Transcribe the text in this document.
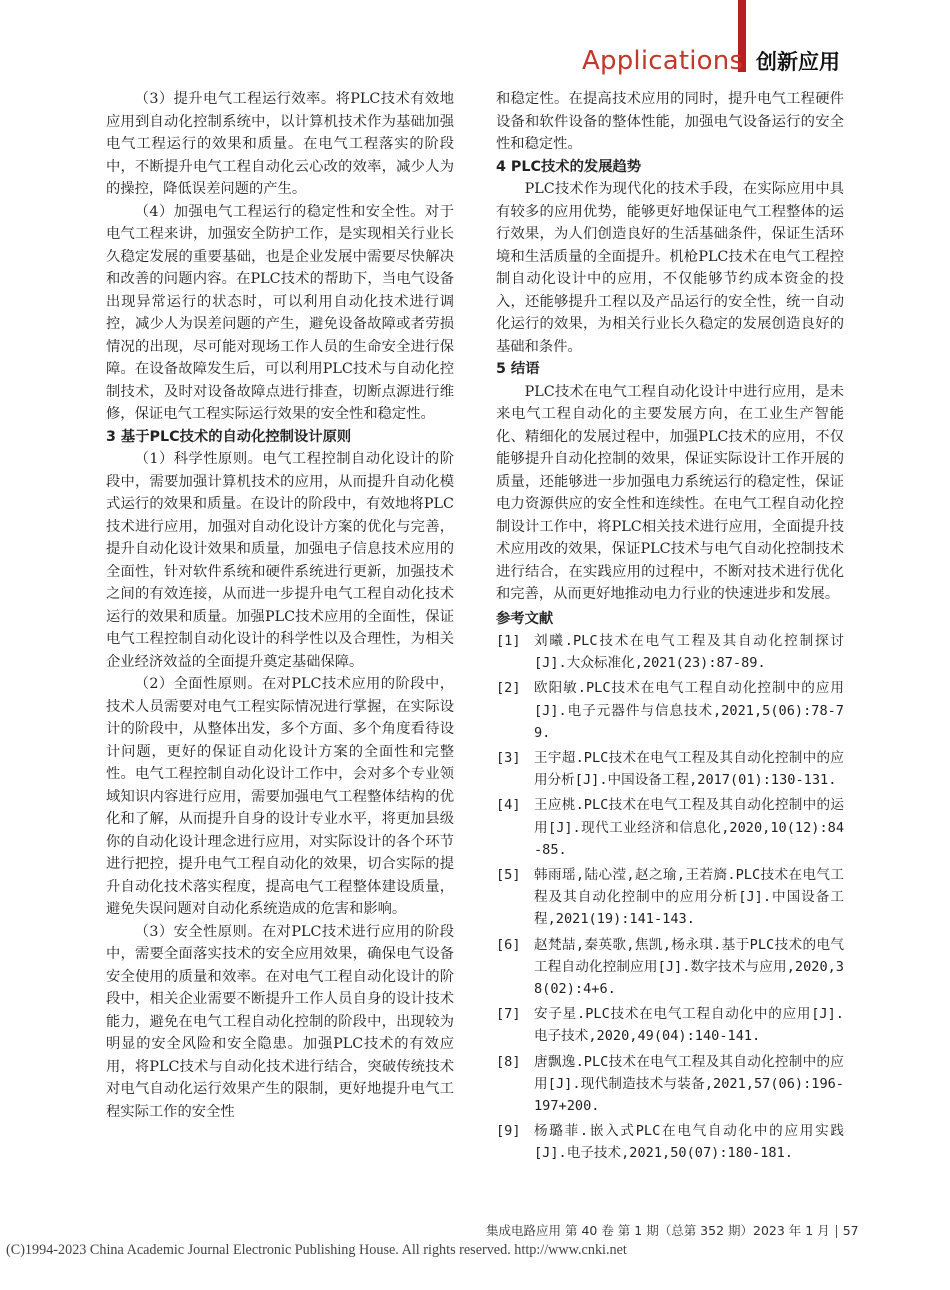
Applications 创新应用

（3）提升电气工程运行效率。将PLC技术有效地应用到自动化控制系统中，以计算机技术作为基础加强电气工程运行的效果和质量。在电气工程落实的阶段中，不断提升电气工程自动化云心改的效率，减少人为的操控，降低误差问题的产生。

（4）加强电气工程运行的稳定性和安全性。对于电气工程来讲，加强安全防护工作，是实现相关行业长久稳定发展的重要基础，也是企业发展中需要尽快解决和改善的问题内容。在PLC技术的帮助下，当电气设备出现异常运行的状态时，可以利用自动化技术进行调控，减少人为误差问题的产生，避免设备故障或者劳损情况的出现，尽可能对现场工作人员的生命安全进行保障。在设备故障发生后，可以利用PLC技术与自动化控制技术，及时对设备故障点进行排查，切断点源进行维修，保证电气工程实际运行效果的安全性和稳定性。

3 基于PLC技术的自动化控制设计原则

（1）科学性原则。电气工程控制自动化设计的阶段中，需要加强计算机技术的应用，从而提升自动化模式运行的效果和质量。在设计的阶段中，有效地将PLC技术进行应用，加强对自动化设计方案的优化与完善，提升自动化设计效果和质量，加强电子信息技术应用的全面性，针对软件系统和硬件系统进行更新，加强技术之间的有效连接，从而进一步提升电气工程自动化技术运行的效果和质量。加强PLC技术应用的全面性，保证电气工程控制自动化设计的科学性以及合理性，为相关企业经济效益的全面提升奠定基础保障。

（2）全面性原则。在对PLC技术应用的阶段中，技术人员需要对电气工程实际情况进行掌握，在实际设计的阶段中，从整体出发，多个方面、多个角度看待设计问题，更好的保证自动化设计方案的全面性和完整性。电气工程控制自动化设计工作中，会对多个专业领域知识内容进行应用，需要加强电气工程整体结构的优化和了解，从而提升自身的设计专业水平，将更加县级你的自动化设计理念进行应用，对实际设计的各个环节进行把控，提升电气工程自动化的效果，切合实际的提升自动化技术落实程度，提高电气工程整体建设质量，避免失误问题对自动化系统造成的危害和影响。

（3）安全性原则。在对PLC技术进行应用的阶段中，需要全面落实技术的安全应用效果，确保电气设备安全使用的质量和效率。在对电气工程自动化设计的阶段中，相关企业需要不断提升工作人员自身的设计技术能力，避免在电气工程自动化控制的阶段中，出现较为明显的安全风险和安全隐患。加强PLC技术的有效应用，将PLC技术与自动化技术进行结合，突破传统技术对电气自动化运行效果产生的限制，更好地提升电气工程实际工作的安全性

和稳定性。在提高技术应用的同时，提升电气工程硬件设备和软件设备的整体性能，加强电气设备运行的安全性和稳定性。

4 PLC技术的发展趋势

PLC技术作为现代化的技术手段，在实际应用中具有较多的应用优势，能够更好地保证电气工程整体的运行效果，为人们创造良好的生活基础条件，保证生活环境和生活质量的全面提升。机枪PLC技术在电气工程控制自动化设计中的应用，不仅能够节约成本资金的投入，还能够提升工程以及产品运行的安全性，统一自动化运行的效果，为相关行业长久稳定的发展创造良好的基础和条件。

5 结语

PLC技术在电气工程自动化设计中进行应用，是未来电气工程自动化的主要发展方向，在工业生产智能化、精细化的发展过程中，加强PLC技术的应用，不仅能够提升自动化控制的效果，保证实际设计工作开展的质量，还能够进一步加强电力系统运行的稳定性，保证电力资源供应的安全性和连续性。在电气工程自动化控制设计工作中，将PLC相关技术进行应用，全面提升技术应用改的效果，保证PLC技术与电气自动化控制技术进行结合，在实践应用的过程中，不断对技术进行优化和完善，从而更好地推动电力行业的快速进步和发展。

参考文献
[1] 刘曦.PLC技术在电气工程及其自动化控制探讨[J].大众标准化,2021(23):87-89.
[2] 欧阳敏.PLC技术在电气工程自动化控制中的应用[J].电子元器件与信息技术,2021,5(06):78-79.
[3] 王宇超.PLC技术在电气工程及其自动化控制中的应用分析[J].中国设备工程,2017(01):130-131.
[4] 王应桃.PLC技术在电气工程及其自动化控制中的运用[J].现代工业经济和信息化,2020,10(12):84-85.
[5] 韩雨瑶,陆心滢,赵之瑜,王若旖.PLC技术在电气工程及其自动化控制中的应用分析[J].中国设备工程,2021(19):141-143.
[6] 赵梵喆,秦英歌,焦凯,杨永琪.基于PLC技术的电气工程自动化控制应用[J].数字技术与应用,2020,38(02):4+6.
[7] 安子星.PLC技术在电气工程自动化中的应用[J].电子技术,2020,49(04):140-141.
[8] 唐飘逸.PLC技术在电气工程及其自动化控制中的应用[J].现代制造技术与装备,2021,57(06):196-197+200.
[9] 杨璐菲.嵌入式PLC在电气自动化中的应用实践[J].电子技术,2021,50(07):180-181.
集成电路应用 第 40 卷 第 1 期（总第 352 期）2023 年 1 月 57
(C)1994-2023 China Academic Journal Electronic Publishing House. All rights reserved. http://www.cnki.net
